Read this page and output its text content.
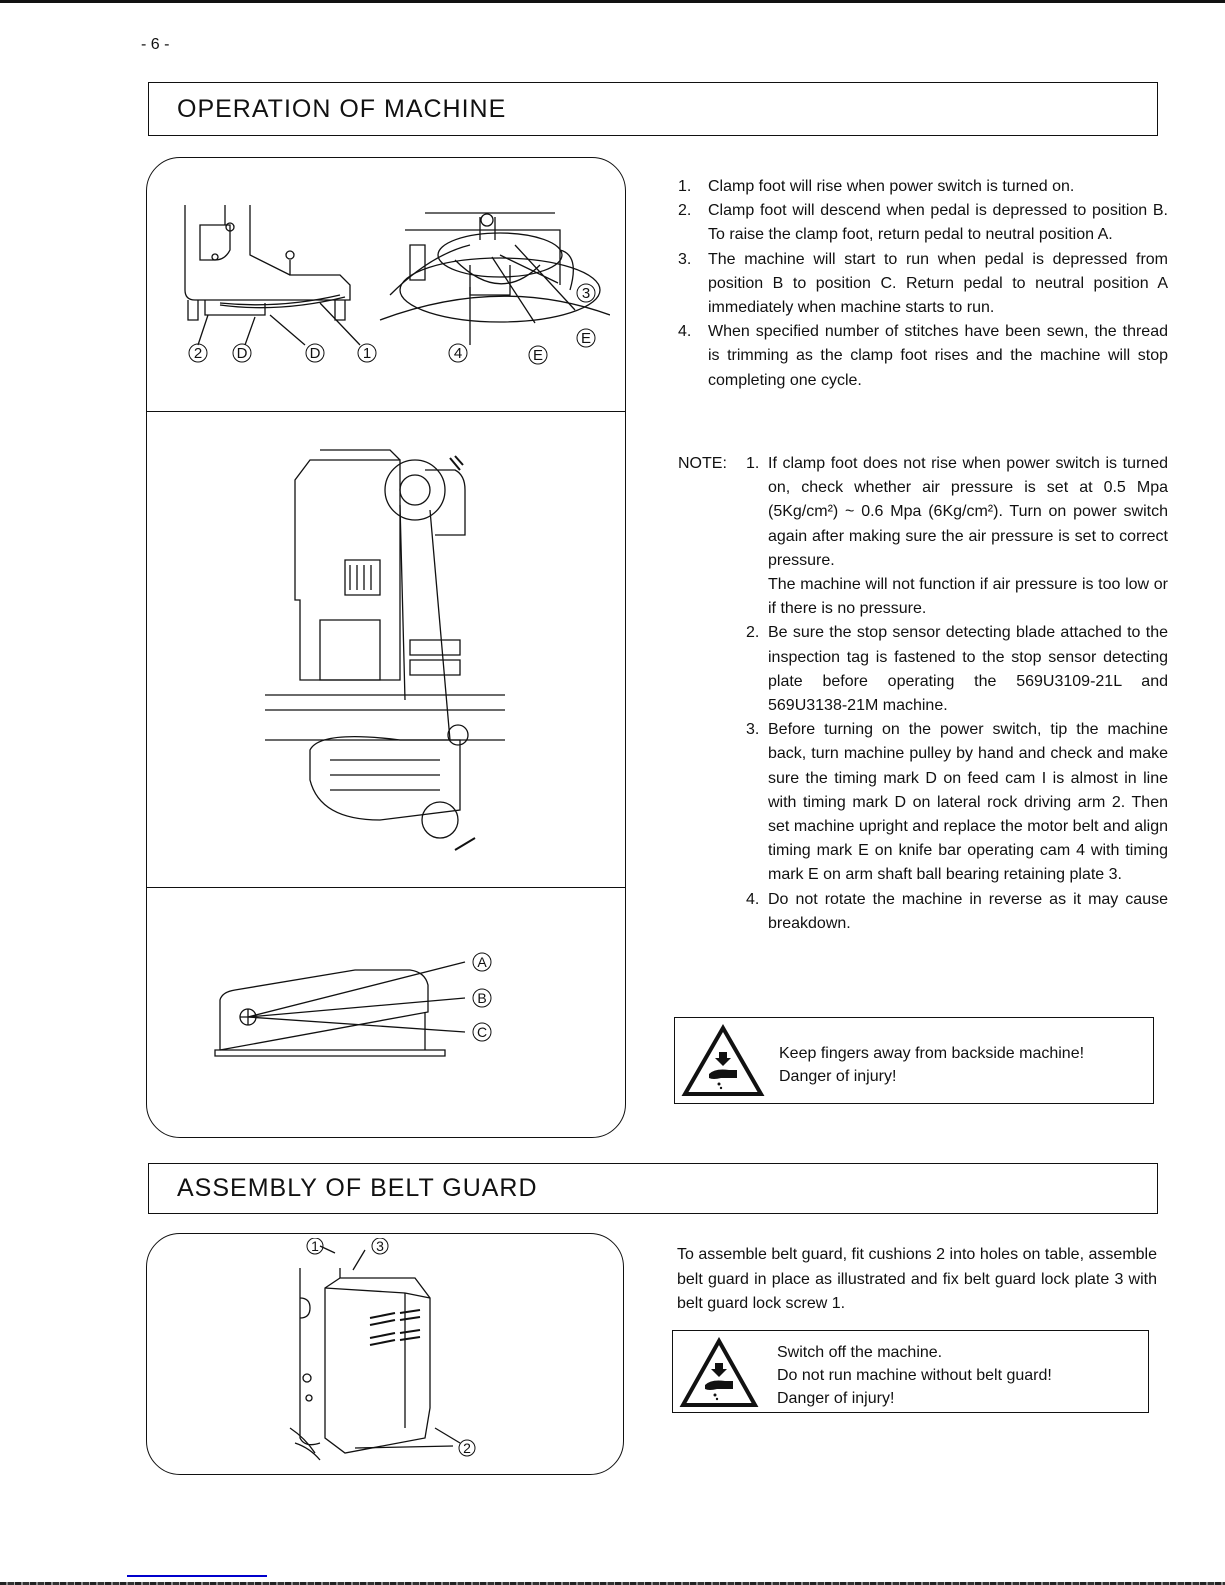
- 6 -
OPERATION OF MACHINE
2 D	D	1
3
E
4	E
A
B
C
1.	Clamp foot will rise when power switch is turned on.
2.	Clamp foot will descend when pedal is depressed to position B. To raise the clamp foot, return pedal to neutral position A.
3.	The machine will start to run when pedal is depressed from position B to position C. Return pedal to neutral position A immediately when machine starts to run.
4.	When specified number of stitches have been sewn, the thread is trimming as the clamp foot rises and the machine will stop completing one cycle.
NOTE:	1. If clamp foot does not rise when power switch is turned on, check whether air pressure is set at 0.5 Mpa (5Kg/cm²) ~ 0.6 Mpa (6Kg/cm²). Turn on power switch again after making sure the air pressure is set to correct pressure.
The machine will not function if air pressure is too low or if there is no pressure.
2. Be sure the stop sensor detecting blade attached to the inspection tag is fastened to the stop sensor detecting plate before operating the 569U3109-21L and 569U3138-21M machine.
3. Before turning on the power switch, tip the machine back, turn machine pulley by hand and check and make sure the timing mark D on feed cam I is almost in line with timing mark D on lateral rock driving arm 2. Then set machine upright and replace the motor belt and align timing mark E on knife bar operating cam 4 with timing mark E on arm shaft ball bearing retaining plate 3.
4. Do not rotate the machine in reverse as it may cause breakdown.
Keep fingers away from backside machine!
Danger of injury!
ASSEMBLY OF BELT GUARD
1	3
2
To assemble belt guard, fit cushions 2 into holes on table, assemble belt guard in place as illustrated and fix belt guard lock plate 3 with belt guard lock screw 1.
Switch off the machine.
Do not run machine without belt guard!
Danger of injury!
